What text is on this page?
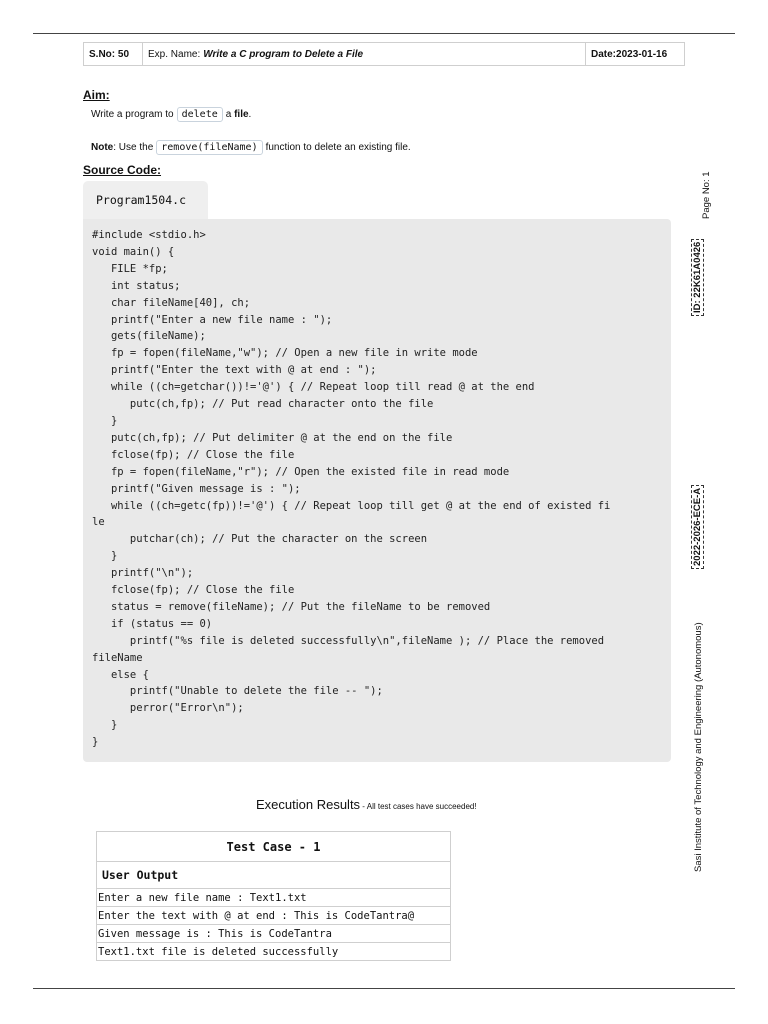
S.No: 50	Exp. Name: Write a C program to Delete a File	Date:2023-01-16
Aim:
Write a program to delete a
file .
Note : Use the remove(fileName) function to delete an existing file.
Source Code:
Program1504.c
#include <stdio.h>
void main() {
FILE *fp;
int status;
char fileName[40], ch;
printf("Enter a new file name : ");
gets(fileName);
fp = fopen(fileName,"w"); // Open a new file in write mode
printf("Enter the text with @ at end : ");
while ((ch=getchar())!='@') { // Repeat loop till read @ at the end
putc(ch,fp); // Put read character onto the file
}
putc(ch,fp); // Put delimiter @ at the end on the file
fclose(fp); // Close the file
fp = fopen(fileName,"r"); // Open the existed file in read mode
printf("Given message is : ");
while ((ch=getc(fp))!='@') { // Repeat loop till get @ at the end of existed fi
le
putchar(ch); // Put the character on the screen
}
printf("\n");
fclose(fp); // Close the file
status = remove(fileName); // Put the fileName to be removed
if (status == 0)
printf("%s file is deleted successfully\n",fileName ); // Place the removed
fileName
else {
printf("Unable to delete the file -- ");
perror("Error\n");
}
}
Execution Results - All test cases have succeeded!
Test Case - 1
User Output
Enter a new file name : Text1.txt
Enter the text with @ at end : This is CodeTantra@
Given message is : This is CodeTantra
Text1.txt file is deleted successfully
Page No: 1
ID: 22K61A0426
2022-2026-ECE-A
Sasi Institute of Technology and Engineering (Autonomous)
